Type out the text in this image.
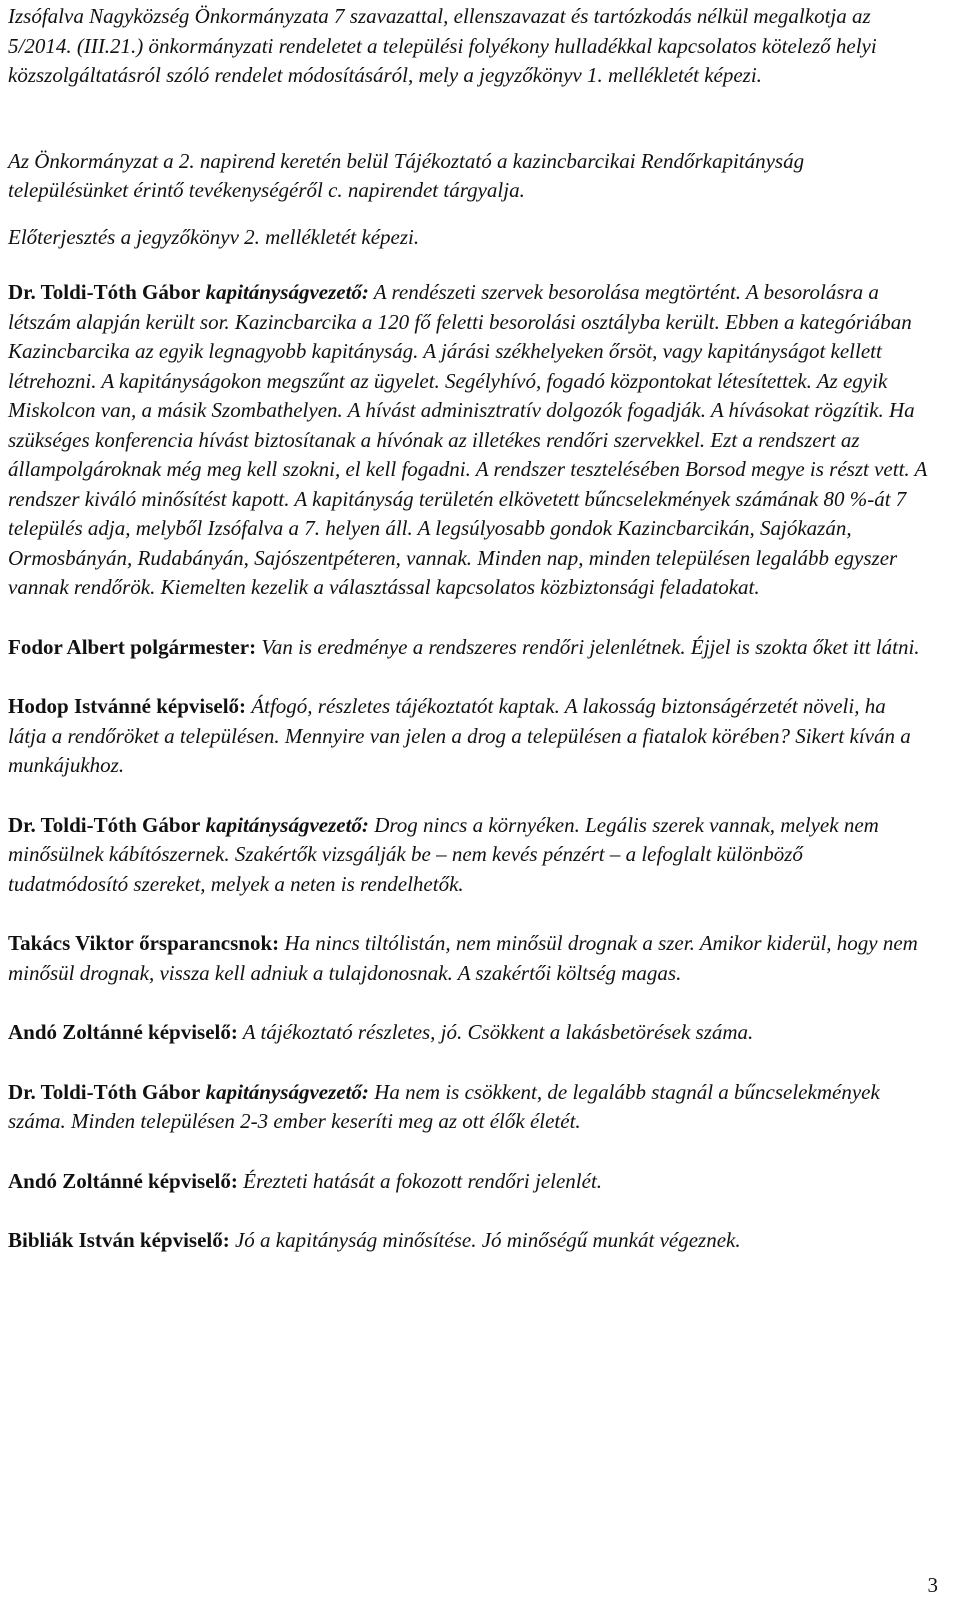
Izsófalva Nagyközség Önkormányzata 7 szavazattal, ellenszavazat és tartózkodás nélkül megalkotja az 5/2014. (III.21.) önkormányzati rendeletet a települési folyékony hulladékkal kapcsolatos kötelező helyi közszolgáltatásról szóló rendelet módosításáról, mely a jegyzőkönyv 1. mellékletét képezi.

Az Önkormányzat a 2. napirend keretén belül Tájékoztató a kazincbarcikai Rendőrkapitányság településünket érintő tevékenységéről c. napirendet tárgyalja.

Előterjesztés a jegyzőkönyv 2. mellékletét képezi.

Dr. Toldi-Tóth Gábor kapitányságvezető: A rendészeti szervek besorolása megtörtént. A besorolásra a létszám alapján került sor. Kazincbarcika a 120 fő feletti besorolási osztályba került. Ebben a kategóriában Kazincbarcika az egyik legnagyobb kapitányság. A járási székhelyeken őrsöt, vagy kapitányságot kellett létrehozni. A kapitányságokon megszűnt az ügyelet. Segélyhívó, fogadó központokat létesítettek. Az egyik Miskolcon van, a másik Szombathelyen. A hívást adminisztratív dolgozók fogadják. A hívásokat rögzítik. Ha szükséges konferencia hívást biztosítanak a hívónak az illetékes rendőri szervekkel. Ezt a rendszert az állampolgároknak még meg kell szokni, el kell fogadni. A rendszer tesztelésében Borsod megye is részt vett. A rendszer kiváló minősítést kapott. A kapitányság területén elkövetett bűncselekmények számának 80 %-át 7 település adja, melyből Izsófalva a 7. helyen áll. A legsúlyosabb gondok Kazincbarcikán, Sajókazán, Ormosbányán, Rudabányán, Sajószentpéteren, vannak. Minden nap, minden településen legalább egyszer vannak rendőrök. Kiemelten kezelik a választással kapcsolatos közbiztonsági feladatokat.

Fodor Albert polgármester: Van is eredménye a rendszeres rendőri jelenlétnek. Éjjel is szokta őket itt látni.

Hodop Istvánné képviselő: Átfogó, részletes tájékoztatót kaptak. A lakosság biztonságérzetét növeli, ha látja a rendőröket a településen. Mennyire van jelen a drog a településen a fiatalok körében? Sikert kíván a munkájukhoz.

Dr. Toldi-Tóth Gábor kapitányságvezető: Drog nincs a környéken. Legális szerek vannak, melyek nem minősülnek kábítószernek. Szakértők vizsgálják be – nem kevés pénzért – a lefoglalt különböző tudatmódosító szereket, melyek a neten is rendelhetők.

Takács Viktor őrsparancsnok: Ha nincs tiltólistán, nem minősül drognak a szer. Amikor kiderül, hogy nem minősül drognak, vissza kell adniuk a tulajdonosnak. A szakértői költség magas.

Andó Zoltánné képviselő: A tájékoztató részletes, jó. Csökkent a lakásbetörések száma.

Dr. Toldi-Tóth Gábor kapitányságvezető: Ha nem is csökkent, de legalább stagnál a bűncselekmények száma. Minden településen 2-3 ember keseríti meg az ott élők életét.

Andó Zoltánné képviselő: Érezteti hatását a fokozott rendőri jelenlét.

Bibliák István képviselő: Jó a kapitányság minősítése. Jó minőségű munkát végeznek.

3
